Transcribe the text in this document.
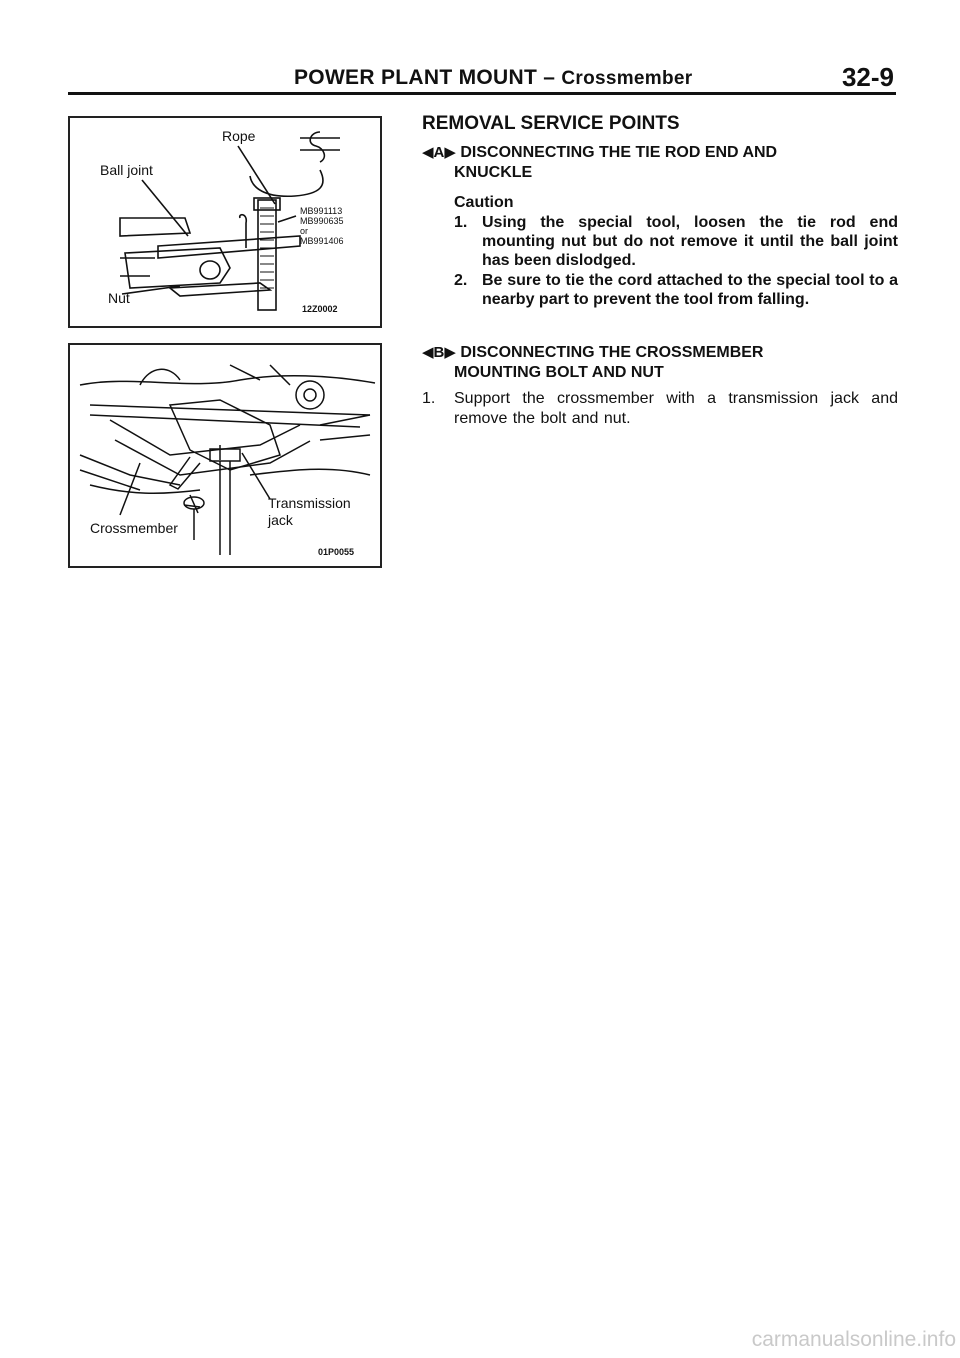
POWER PLANT MOUNT – Crossmember	32-9
Rope
Ball joint
Nut
MB991113
MB990635
or
MB991406
12Z0002
Transmission
jack
Crossmember
01P0055
REMOVAL SERVICE POINTS
◀A▶ DISCONNECTING THE TIE ROD END AND
KNUCKLE
Caution
1. Using the special tool, loosen the tie rod end mounting nut but do not remove it until the ball joint has been dislodged.
2. Be sure to tie the cord attached to the special tool to a nearby part to prevent the tool from falling.
◀B▶ DISCONNECTING THE CROSSMEMBER
MOUNTING BOLT AND NUT
1.	Support the crossmember with a transmission jack and remove the bolt and nut.
carmanualsonline.info
